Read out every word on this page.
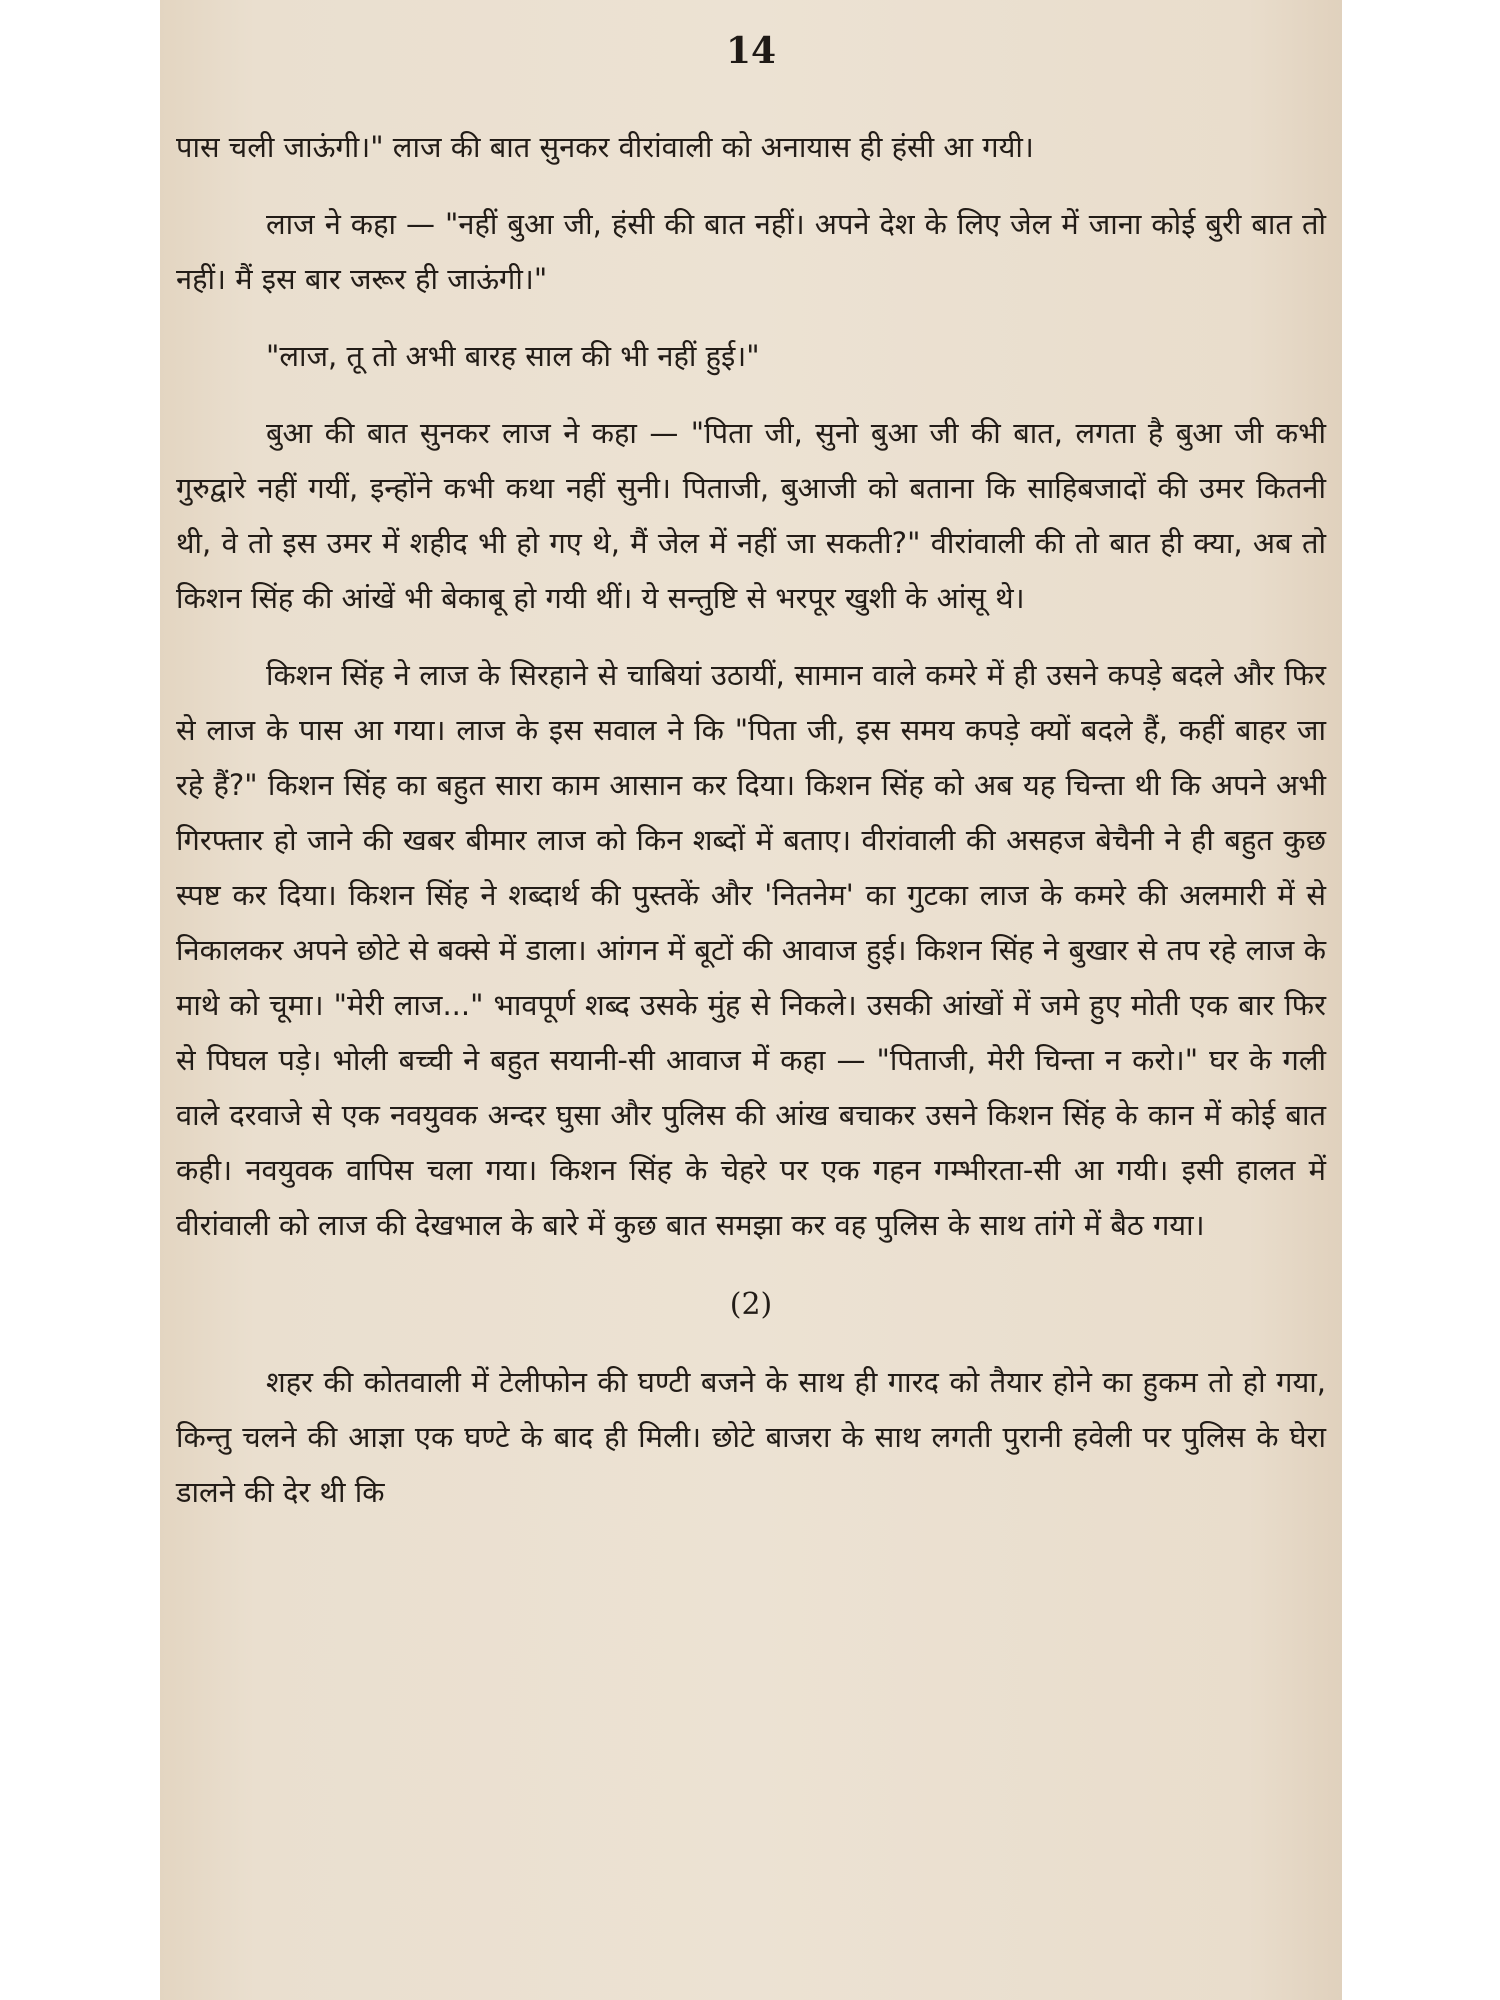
14

पास चली जाऊंगी।" लाज की बात सुनकर वीरांवाली को अनायास ही हंसी आ गयी।

लाज ने कहा — "नहीं बुआ जी, हंसी की बात नहीं। अपने देश के लिए जेल में जाना कोई बुरी बात तो नहीं। मैं इस बार जरूर ही जाऊंगी।"

"लाज, तू तो अभी बारह साल की भी नहीं हुई।"

बुआ की बात सुनकर लाज ने कहा — "पिता जी, सुनो बुआ जी की बात, लगता है बुआ जी कभी गुरुद्वारे नहीं गयीं, इन्होंने कभी कथा नहीं सुनी। पिताजी, बुआजी को बताना कि साहिबजादों की उमर कितनी थी, वे तो इस उमर में शहीद भी हो गए थे, मैं जेल में नहीं जा सकती?" वीरांवाली की तो बात ही क्या, अब तो किशन सिंह की आंखें भी बेकाबू हो गयी थीं। ये सन्तुष्टि से भरपूर खुशी के आंसू थे।

किशन सिंह ने लाज के सिरहाने से चाबियां उठायीं, सामान वाले कमरे में ही उसने कपड़े बदले और फिर से लाज के पास आ गया। लाज के इस सवाल ने कि "पिता जी, इस समय कपड़े क्यों बदले हैं, कहीं बाहर जा रहे हैं?" किशन सिंह का बहुत सारा काम आसान कर दिया। किशन सिंह को अब यह चिन्ता थी कि अपने अभी गिरफ्तार हो जाने की खबर बीमार लाज को किन शब्दों में बताए। वीरांवाली की असहज बेचैनी ने ही बहुत कुछ स्पष्ट कर दिया। किशन सिंह ने शब्दार्थ की पुस्तकें और 'नितनेम' का गुटका लाज के कमरे की अलमारी में से निकालकर अपने छोटे से बक्से में डाला। आंगन में बूटों की आवाज हुई। किशन सिंह ने बुखार से तप रहे लाज के माथे को चूमा। "मेरी लाज..." भावपूर्ण शब्द उसके मुंह से निकले। उसकी आंखों में जमे हुए मोती एक बार फिर से पिघल पड़े। भोली बच्ची ने बहुत सयानी-सी आवाज में कहा — "पिताजी, मेरी चिन्ता न करो।" घर के गली वाले दरवाजे से एक नवयुवक अन्दर घुसा और पुलिस की आंख बचाकर उसने किशन सिंह के कान में कोई बात कही। नवयुवक वापिस चला गया। किशन सिंह के चेहरे पर एक गहन गम्भीरता-सी आ गयी। इसी हालत में वीरांवाली को लाज की देखभाल के बारे में कुछ बात समझा कर वह पुलिस के साथ तांगे में बैठ गया।

(2)

शहर की कोतवाली में टेलीफोन की घण्टी बजने के साथ ही गारद को तैयार होने का हुकम तो हो गया, किन्तु चलने की आज्ञा एक घण्टे के बाद ही मिली। छोटे बाजरा के साथ लगती पुरानी हवेली पर पुलिस के घेरा डालने की देर थी कि
